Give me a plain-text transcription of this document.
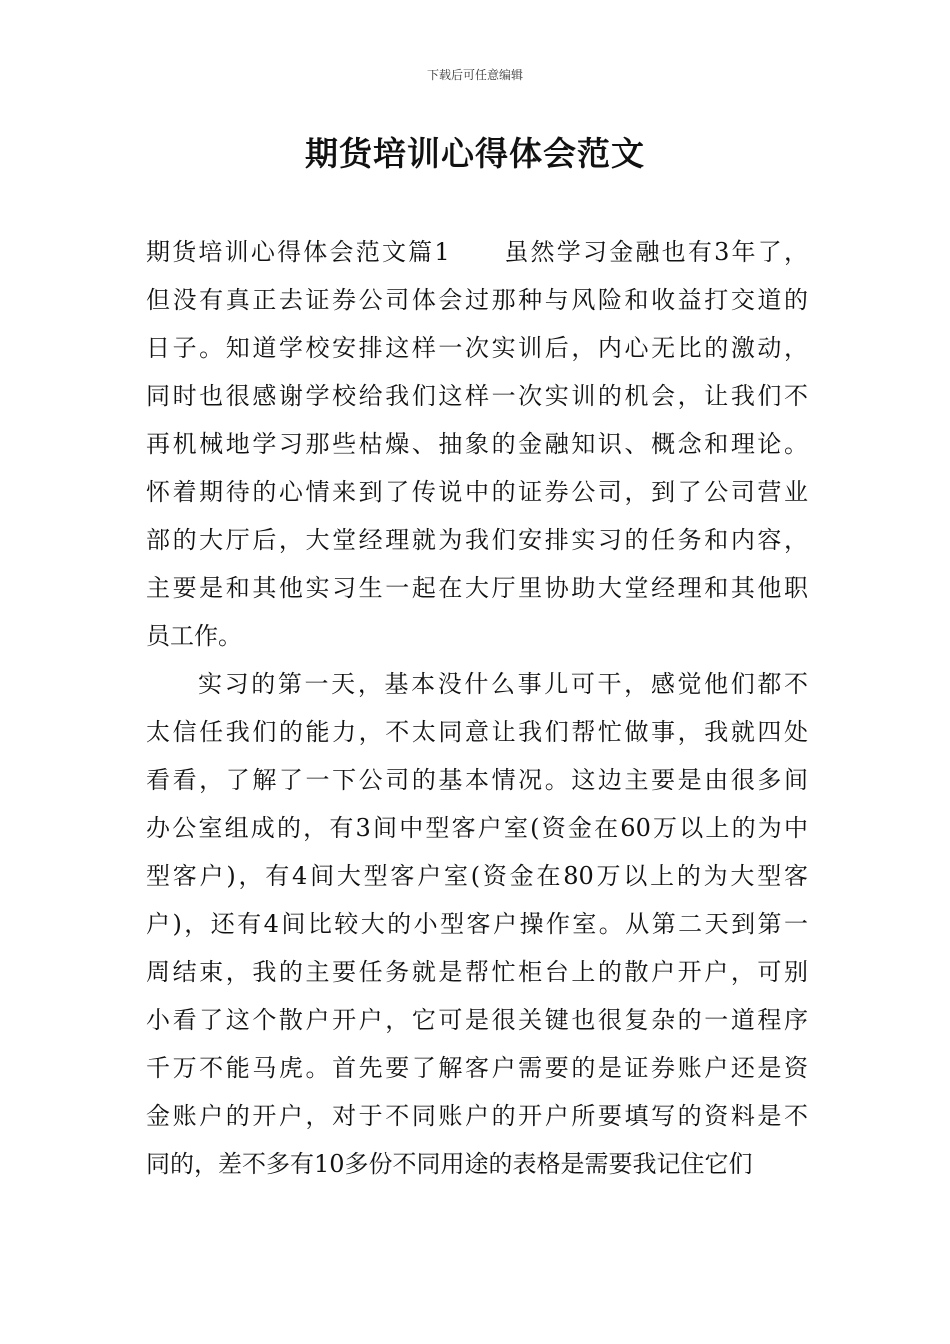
下载后可任意编辑
期货培训心得体会范文

期货培训心得体会范文篇1　　虽然学习金融也有3年了，
但没有真正去证券公司体会过那种与风险和收益打交道的
日子。知道学校安排这样一次实训后，内心无比的激动，
同时也很感谢学校给我们这样一次实训的机会，让我们不
再机械地学习那些枯燥、抽象的金融知识、概念和理论。
怀着期待的心情来到了传说中的证券公司，到了公司营业
部的大厅后，大堂经理就为我们安排实习的任务和内容，
主要是和其他实习生一起在大厅里协助大堂经理和其他职
员工作。

实习的第一天，基本没什么事儿可干，感觉他们都不
太信任我们的能力，不太同意让我们帮忙做事，我就四处
看看，了解了一下公司的基本情况。这边主要是由很多间
办公室组成的，有3间中型客户室(资金在60万以上的为中
型客户)，有4间大型客户室(资金在80万以上的为大型客
户)，还有4间比较大的小型客户操作室。从第二天到第一
周结束，我的主要任务就是帮忙柜台上的散户开户，可别
小看了这个散户开户，它可是很关键也很复杂的一道程序
千万不能马虎。首先要了解客户需要的是证券账户还是资
金账户的开户，对于不同账户的开户所要填写的资料是不
同的，差不多有10多份不同用途的表格是需要我记住它们
